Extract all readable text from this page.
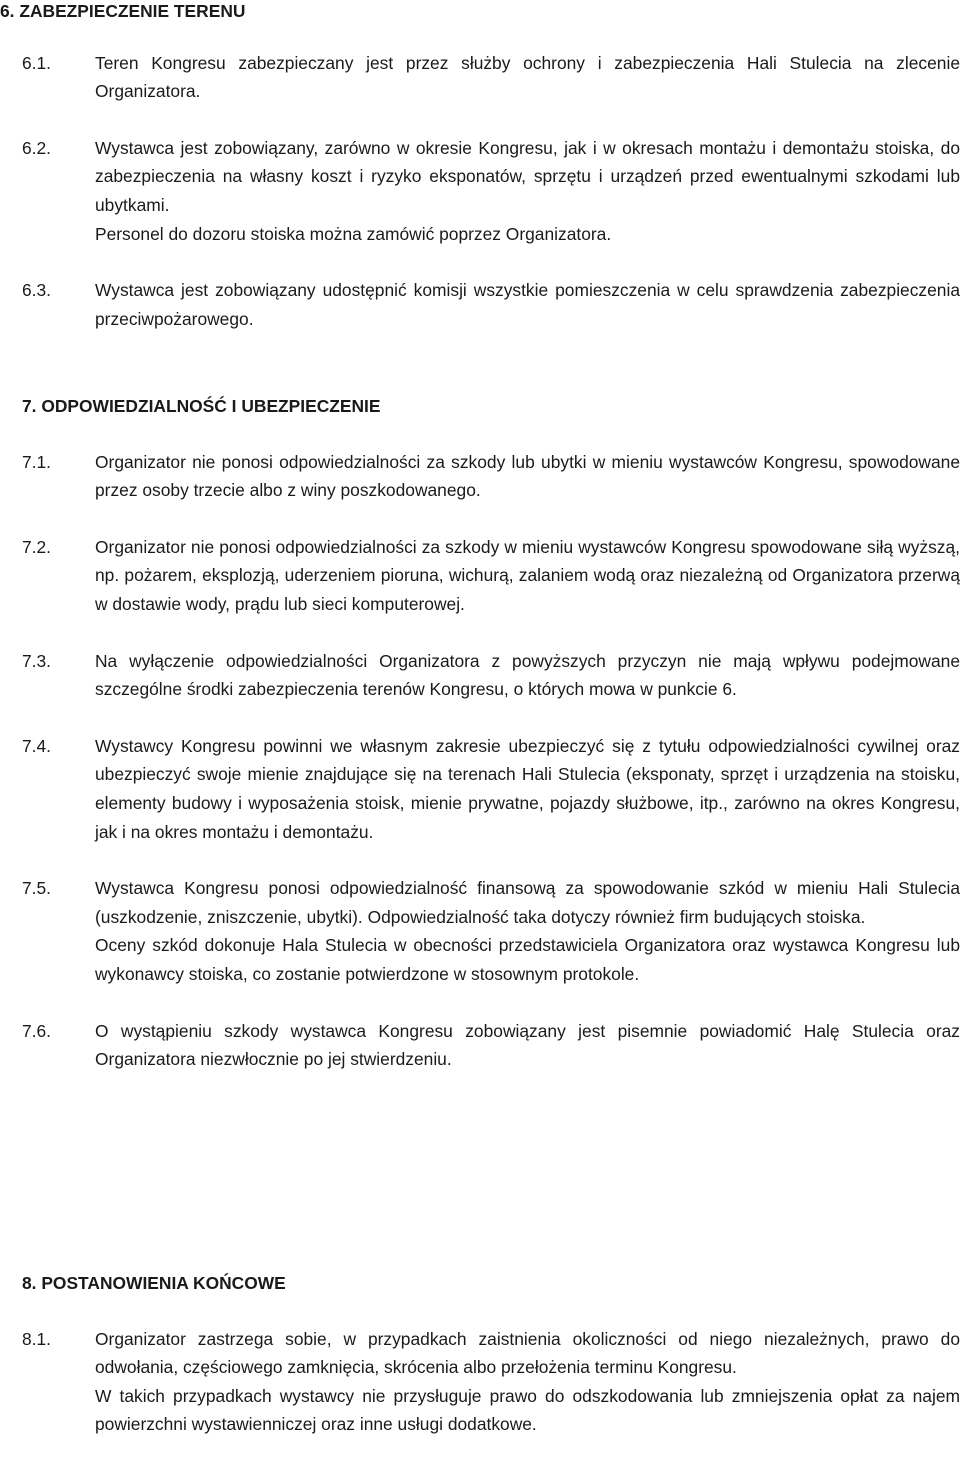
6. ZABEZPIECZENIE TERENU
6.1.	Teren Kongresu zabezpieczany jest przez służby ochrony i zabezpieczenia Hali Stulecia na zlecenie Organizatora.

6.2.	Wystawca jest zobowiązany, zarówno w okresie Kongresu, jak i w okresach montażu i demontażu stoiska, do zabezpieczenia na własny koszt i ryzyko eksponatów, sprzętu i urządzeń przed ewentualnymi szkodami lub ubytkami.

Personel do dozoru stoiska można zamówić poprzez Organizatora.

6.3.	Wystawca jest zobowiązany udostępnić komisji wszystkie pomieszczenia w celu sprawdzenia zabezpieczenia przeciwpożarowego.

7. ODPOWIEDZIALNOŚĆ I UBEZPIECZENIE
7.1.	Organizator nie ponosi odpowiedzialności za szkody lub ubytki w mieniu wystawców Kongresu, spowodowane przez osoby trzecie albo z winy poszkodowanego.

7.2.	Organizator nie ponosi odpowiedzialności za szkody w mieniu wystawców Kongresu spowodowane siłą wyższą, np. pożarem, eksplozją, uderzeniem pioruna, wichurą, zalaniem wodą oraz niezależną od Organizatora przerwą w dostawie wody, prądu lub sieci komputerowej.

7.3.	Na wyłączenie odpowiedzialności Organizatora z powyższych przyczyn nie mają wpływu podejmowane szczególne środki zabezpieczenia terenów Kongresu, o których mowa w punkcie 6.

7.4.	Wystawcy Kongresu powinni we własnym zakresie ubezpieczyć się z tytułu odpowiedzialności cywilnej oraz ubezpieczyć swoje mienie znajdujące się na terenach Hali Stulecia (eksponaty, sprzęt i urządzenia na stoisku, elementy budowy i wyposażenia stoisk, mienie prywatne, pojazdy służbowe, itp., zarówno na okres Kongresu, jak i na okres montażu i demontażu.

7.5.	Wystawca Kongresu ponosi odpowiedzialność finansową za spowodowanie szkód w mieniu Hali Stulecia (uszkodzenie, zniszczenie, ubytki). Odpowiedzialność taka dotyczy również firm budujących stoiska.

Oceny szkód dokonuje Hala Stulecia w obecności przedstawiciela Organizatora oraz wystawca Kongresu lub wykonawcy stoiska, co zostanie potwierdzone w stosownym protokole.

7.6.	O wystąpieniu szkody wystawca Kongresu zobowiązany jest pisemnie powiadomić Halę Stulecia oraz Organizatora niezwłocznie po jej stwierdzeniu.

8. POSTANOWIENIA KOŃCOWE
8.1.	Organizator zastrzega sobie, w przypadkach zaistnienia okoliczności od niego niezależnych, prawo do odwołania, częściowego zamknięcia, skrócenia albo przełożenia terminu Kongresu.

W takich przypadkach wystawcy nie przysługuje prawo do odszkodowania lub zmniejszenia opłat za najem powierzchni wystawienniczej oraz inne usługi dodatkowe.
